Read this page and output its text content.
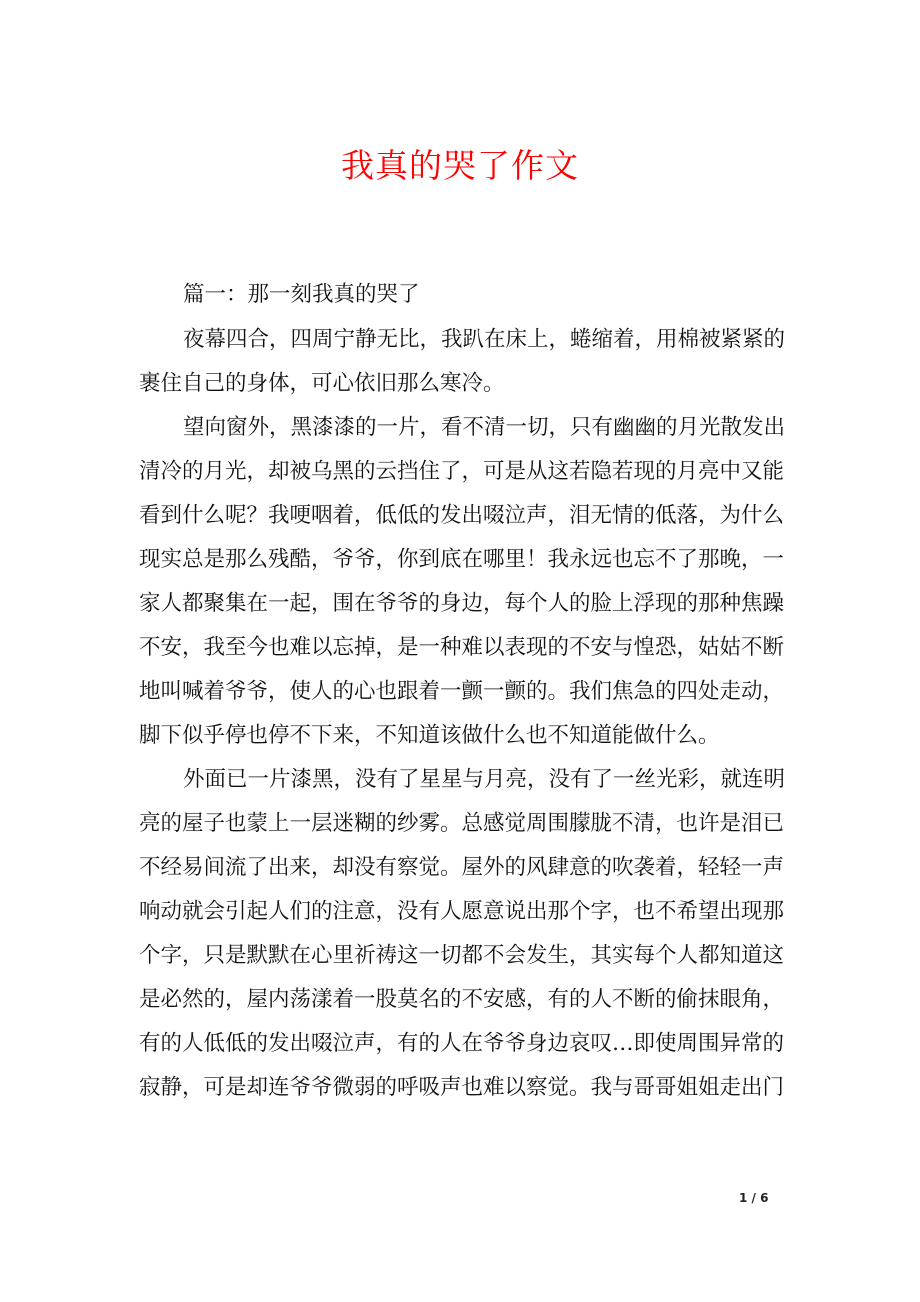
我真的哭了作文
篇一：那一刻我真的哭了
夜幕四合，四周宁静无比，我趴在床上，蜷缩着，用棉被紧紧的
裹住自己的身体，可心依旧那么寒冷。
望向窗外，黑漆漆的一片，看不清一切，只有幽幽的月光散发出
清冷的月光，却被乌黑的云挡住了，可是从这若隐若现的月亮中又能
看到什么呢？我哽咽着，低低的发出啜泣声，泪无情的低落，为什么
现实总是那么残酷，爷爷，你到底在哪里！我永远也忘不了那晚，一
家人都聚集在一起，围在爷爷的身边，每个人的脸上浮现的那种焦躁
不安，我至今也难以忘掉，是一种难以表现的不安与惶恐，姑姑不断
地叫喊着爷爷，使人的心也跟着一颤一颤的。我们焦急的四处走动，
脚下似乎停也停不下来，不知道该做什么也不知道能做什么。
外面已一片漆黑，没有了星星与月亮，没有了一丝光彩，就连明
亮的屋子也蒙上一层迷糊的纱雾。总感觉周围朦胧不清，也许是泪已
不经易间流了出来，却没有察觉。屋外的风肆意的吹袭着，轻轻一声
响动就会引起人们的注意，没有人愿意说出那个字，也不希望出现那
个字，只是默默在心里祈祷这一切都不会发生，其实每个人都知道这
是必然的，屋内荡漾着一股莫名的不安感，有的人不断的偷抹眼角，
有的人低低的发出啜泣声，有的人在爷爷身边哀叹…即使周围异常的
寂静，可是却连爷爷微弱的呼吸声也难以察觉。我与哥哥姐姐走出门
1 / 6
